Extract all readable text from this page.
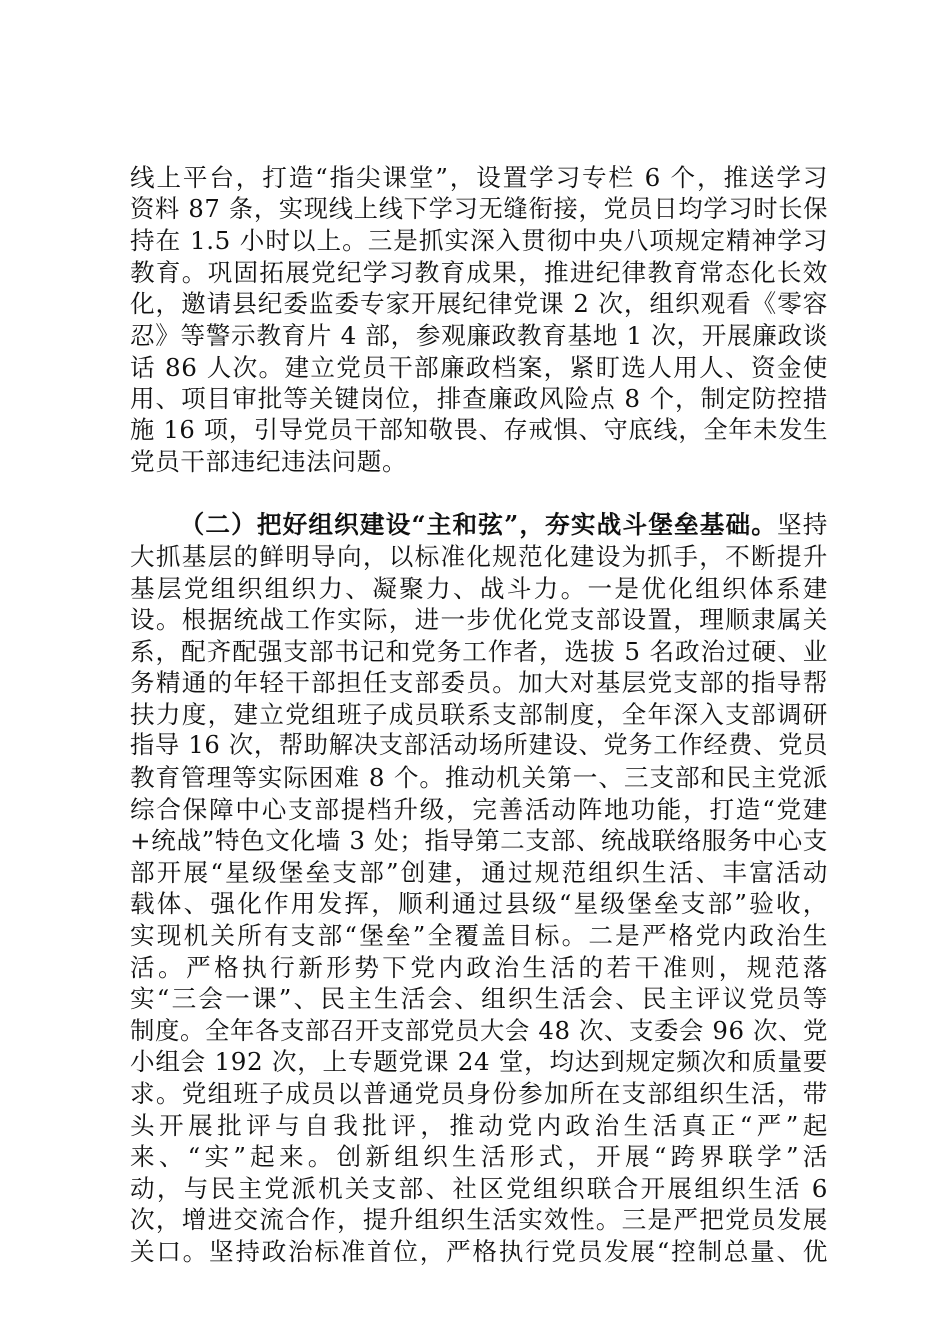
线上平台，打造“指尖课堂”，设置学习专栏 6 个，推送学习
资料 87 条，实现线上线下学习无缝衔接，党员日均学习时长保
持在 1.5 小时以上。三是抓实深入贯彻中央八项规定精神学习
教育。巩固拓展党纪学习教育成果，推进纪律教育常态化长效
化，邀请县纪委监委专家开展纪律党课 2 次，组织观看《零容
忍》等警示教育片 4 部，参观廉政教育基地 1 次，开展廉政谈
话 86 人次。建立党员干部廉政档案，紧盯选人用人、资金使
用、项目审批等关键岗位，排查廉政风险点 8 个，制定防控措
施 16 项，引导党员干部知敬畏、存戒惧、守底线，全年未发生
党员干部违纪违法问题。
（二）把好组织建设“主和弦”，夯实战斗堡垒基础。坚持
大抓基层的鲜明导向，以标准化规范化建设为抓手，不断提升
基层党组织组织力、凝聚力、战斗力。一是优化组织体系建
设。根据统战工作实际，进一步优化党支部设置，理顺隶属关
系，配齐配强支部书记和党务工作者，选拔 5 名政治过硬、业
务精通的年轻干部担任支部委员。加大对基层党支部的指导帮
扶力度，建立党组班子成员联系支部制度，全年深入支部调研
指导 16 次，帮助解决支部活动场所建设、党务工作经费、党员
教育管理等实际困难 8 个。推动机关第一、三支部和民主党派
综合保障中心支部提档升级，完善活动阵地功能，打造“党建
+统战”特色文化墙 3 处；指导第二支部、统战联络服务中心支
部开展“星级堡垒支部”创建，通过规范组织生活、丰富活动
载体、强化作用发挥，顺利通过县级“星级堡垒支部”验收，
实现机关所有支部“堡垒”全覆盖目标。二是严格党内政治生
活。严格执行新形势下党内政治生活的若干准则，规范落
实“三会一课”、民主生活会、组织生活会、民主评议党员等
制度。全年各支部召开支部党员大会 48 次、支委会 96 次、党
小组会 192 次，上专题党课 24 堂，均达到规定频次和质量要
求。党组班子成员以普通党员身份参加所在支部组织生活，带
头开展批评与自我批评，推动党内政治生活真正“严”起
来、“实”起来。创新组织生活形式，开展“跨界联学”活
动，与民主党派机关支部、社区党组织联合开展组织生活 6
次，增进交流合作，提升组织生活实效性。三是严把党员发展
关口。坚持政治标准首位，严格执行党员发展“控制总量、优
